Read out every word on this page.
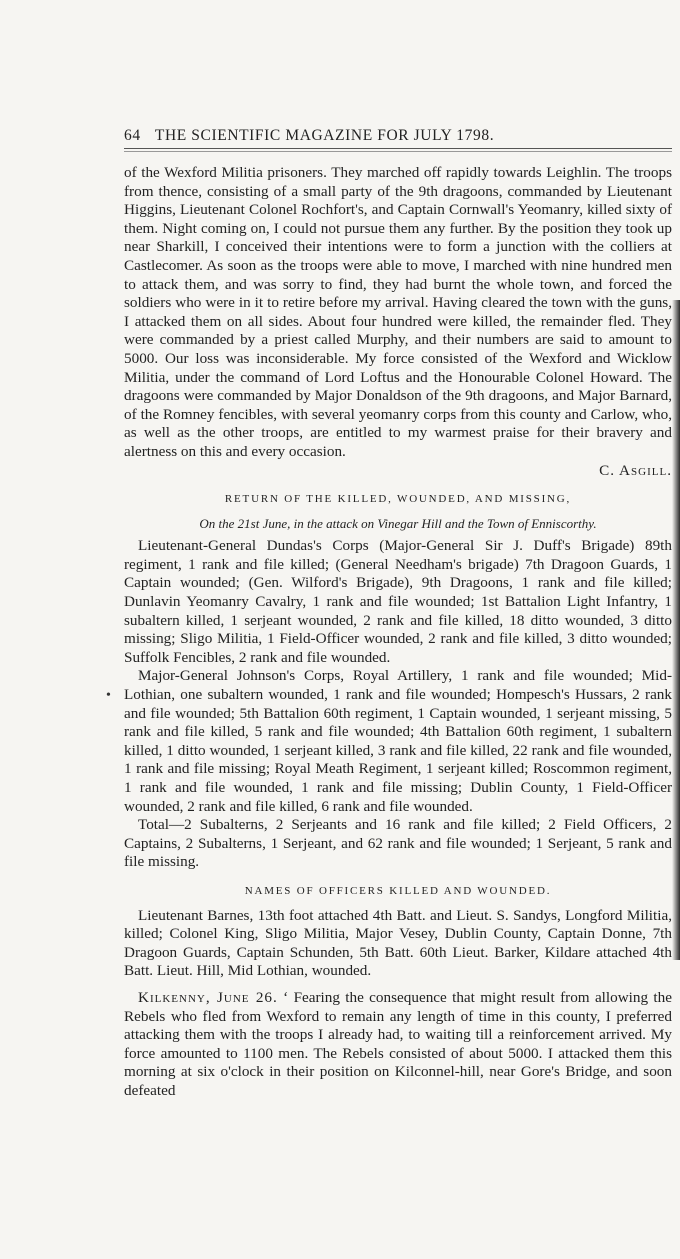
64 THE SCIENTIFIC MAGAZINE FOR JULY 1798.
•

of the Wexford Militia prisoners. They marched off rapidly towards Leighlin. The troops from thence, consisting of a small party of the 9th dragoons, commanded by Lieutenant Higgins, Lieutenant Colonel Rochfort's, and Captain Cornwall's Yeomanry, killed sixty of them. Night coming on, I could not pursue them any further. By the position they took up near Sharkill, I conceived their intentions were to form a junction with the colliers at Castlecomer. As soon as the troops were able to move, I marched with nine hundred men to attack them, and was sorry to find, they had burnt the whole town, and forced the soldiers who were in it to retire before my arrival. Having cleared the town with the guns, I attacked them on all sides. About four hundred were killed, the remainder fled. They were commanded by a priest called Murphy, and their numbers are said to amount to 5000. Our loss was inconsiderable. My force consisted of the Wexford and Wicklow Militia, under the command of Lord Loftus and the Honourable Colonel Howard. The dragoons were commanded by Major Donaldson of the 9th dragoons, and Major Barnard, of the Romney fencibles, with several yeomanry corps from this county and Carlow, who, as well as the other troops, are entitled to my warmest praise for their bravery and alertness on this and every occasion.

C. Asgill.

RETURN OF THE KILLED, WOUNDED, AND MISSING,
On the 21st June, in the attack on Vinegar Hill and the Town of Enniscorthy.

Lieutenant-General Dundas's Corps (Major-General Sir J. Duff's Brigade) 89th regiment, 1 rank and file killed; (General Needham's brigade) 7th Dragoon Guards, 1 Captain wounded; (Gen. Wilford's Brigade), 9th Dragoons, 1 rank and file killed; Dunlavin Yeomanry Cavalry, 1 rank and file wounded; 1st Battalion Light Infantry, 1 subaltern killed, 1 serjeant wounded, 2 rank and file killed, 18 ditto wounded, 3 ditto missing; Sligo Militia, 1 Field-Officer wounded, 2 rank and file killed, 3 ditto wounded; Suffolk Fencibles, 2 rank and file wounded.

Major-General Johnson's Corps, Royal Artillery, 1 rank and file wounded; Mid-Lothian, one subaltern wounded, 1 rank and file wounded; Hompesch's Hussars, 2 rank and file wounded; 5th Battalion 60th regiment, 1 Captain wounded, 1 serjeant missing, 5 rank and file killed, 5 rank and file wounded; 4th Battalion 60th regiment, 1 subaltern killed, 1 ditto wounded, 1 serjeant killed, 3 rank and file killed, 22 rank and file wounded, 1 rank and file missing; Royal Meath Regiment, 1 serjeant killed; Roscommon regiment, 1 rank and file wounded, 1 rank and file missing; Dublin County, 1 Field-Officer wounded, 2 rank and file killed, 6 rank and file wounded.

Total—2 Subalterns, 2 Serjeants and 16 rank and file killed; 2 Field Officers, 2 Captains, 2 Subalterns, 1 Serjeant, and 62 rank and file wounded; 1 Serjeant, 5 rank and file missing.

NAMES OF OFFICERS KILLED AND WOUNDED.

Lieutenant Barnes, 13th foot attached 4th Batt. and Lieut. S. Sandys, Longford Militia, killed; Colonel King, Sligo Militia, Major Vesey, Dublin County, Captain Donne, 7th Dragoon Guards, Captain Schunden, 5th Batt. 60th Lieut. Barker, Kildare attached 4th Batt. Lieut. Hill, Mid Lothian, wounded.

Kilkenny, June 26. ‘ Fearing the consequence that might result from allowing the Rebels who fled from Wexford to remain any length of time in this county, I preferred attacking them with the troops I already had, to waiting till a reinforcement arrived. My force amounted to 1100 men. The Rebels consisted of about 5000. I attacked them this morning at six o'clock in their position on Kilconnel-hill, near Gore's Bridge, and soon defeated
